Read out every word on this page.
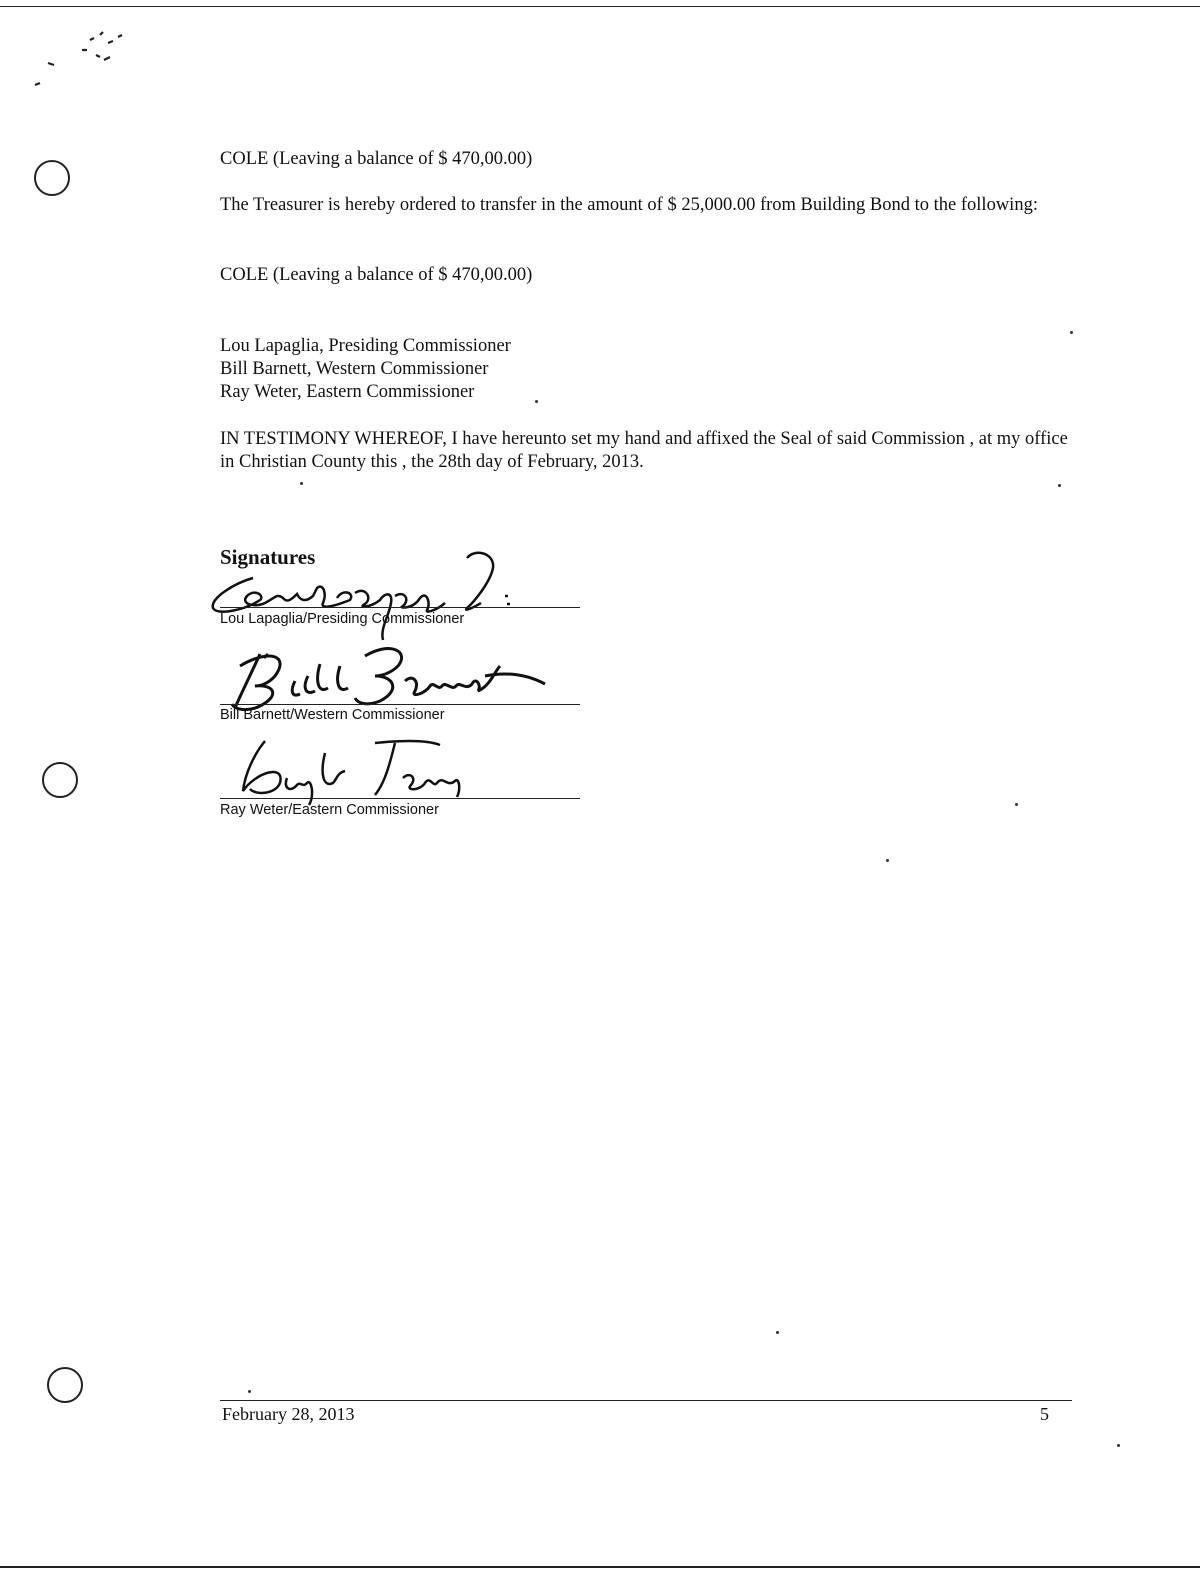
COLE (Leaving a balance of $ 470,00.00)

The Treasurer is hereby ordered to transfer in the amount of $ 25,000.00 from Building Bond to the following:

COLE (Leaving a balance of $ 470,00.00)

Lou Lapaglia, Presiding Commissioner

Bill Barnett, Western Commissioner

Ray Weter, Eastern Commissioner

IN TESTIMONY WHEREOF, I have hereunto set my hand and affixed the Seal of said Commission , at my office in Christian County this , the 28th day of February, 2013.

Signatures
Lou Lapaglia/Presiding Commissioner
Bill Barnett/Western Commissioner
Ray Weter/Eastern Commissioner
February 28, 2013	5
